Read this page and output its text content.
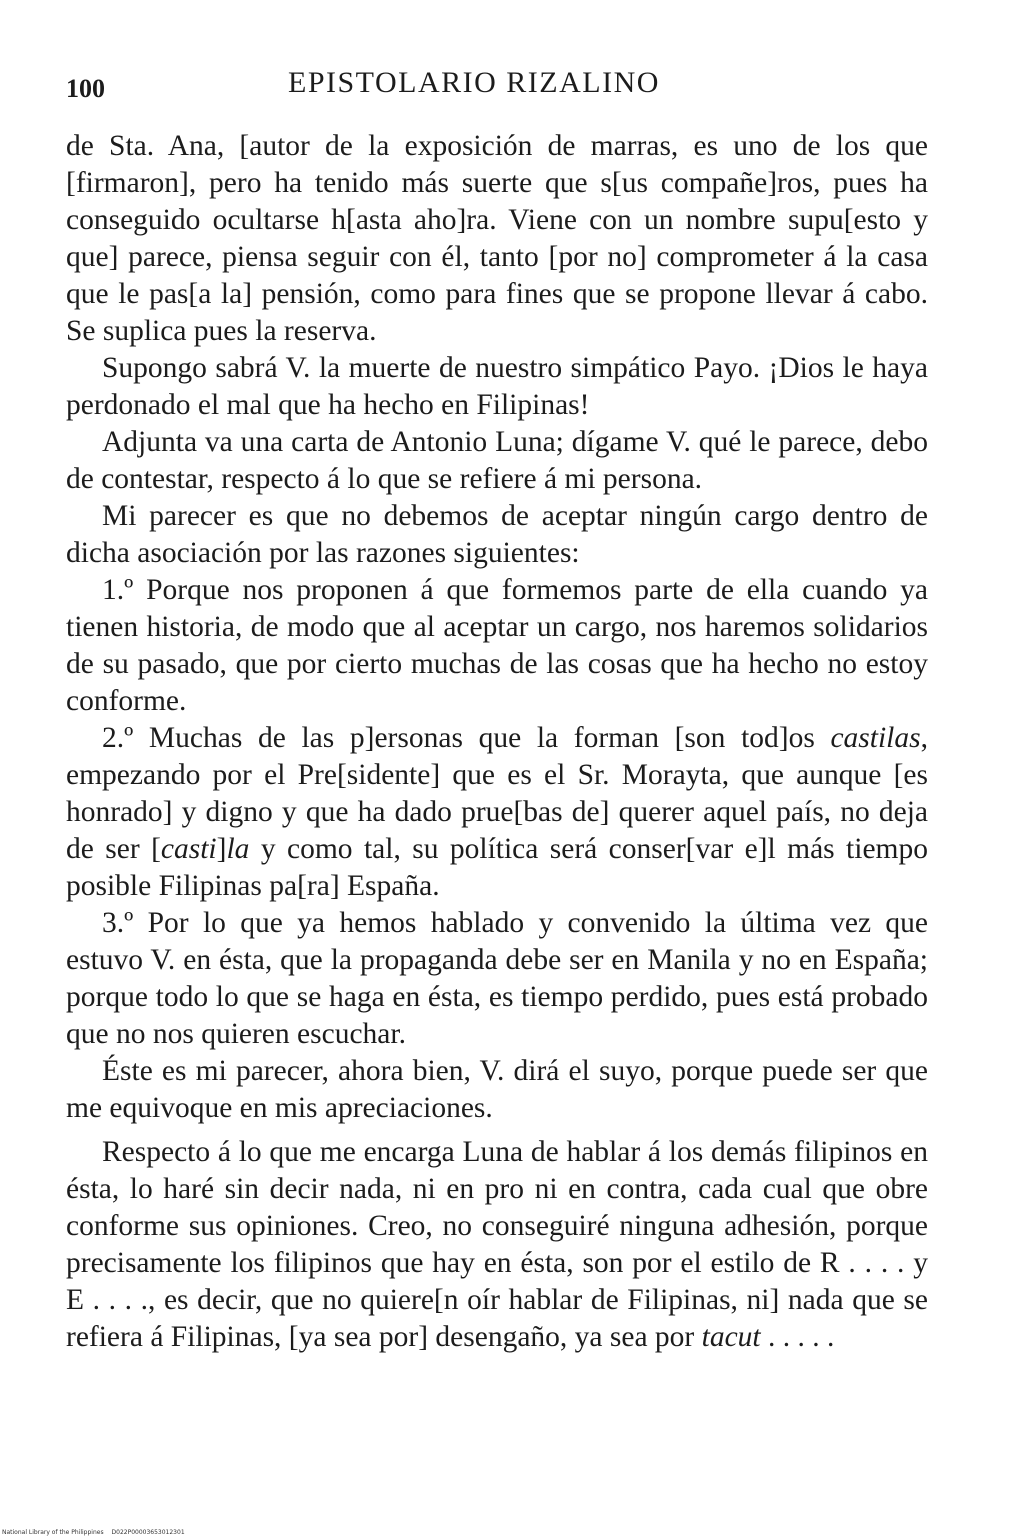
100	EPISTOLARIO RIZALINO

de Sta. Ana, [autor de la exposición de marras, es uno de los que [firmaron], pero ha tenido más suerte que s[us compañe]ros, pues ha conseguido ocultarse h[asta aho]ra. Viene con un nombre supu[esto y que] parece, piensa seguir con él, tanto [por no] comprometer á la casa que le pas[a la] pensión, como para fines que se propone llevar á cabo. Se suplica pues la reserva.

Supongo sabrá V. la muerte de nuestro simpático Payo. ¡Dios le haya perdonado el mal que ha hecho en Filipinas!

Adjunta va una carta de Antonio Luna; dígame V. qué le parece, debo de contestar, respecto á lo que se refiere á mi persona.

Mi parecer es que no debemos de aceptar ningún cargo dentro de dicha asociación por las razones siguientes:

1.º Porque nos proponen á que formemos parte de ella cuando ya tienen historia, de modo que al aceptar un cargo, nos haremos solidarios de su pasado, que por cierto muchas de las cosas que ha hecho no estoy conforme.

2.º Muchas de las p]ersonas que la forman [son tod]os castilas, empezando por el Pre[sidente] que es el Sr. Morayta, que aunque [es honrado] y digno y que ha dado prue[bas de] querer aquel país, no deja de ser [casti]la y como tal, su política será conser[var e]l más tiempo posible Filipinas pa[ra] España.

3.º Por lo que ya hemos hablado y convenido la última vez que estuvo V. en ésta, que la propaganda debe ser en Manila y no en España; porque todo lo que se haga en ésta, es tiempo perdido, pues está probado que no nos quieren escuchar.

Éste es mi parecer, ahora bien, V. dirá el suyo, porque puede ser que me equivoque en mis apreciaciones.

Respecto á lo que me encarga Luna de hablar á los demás filipinos en ésta, lo haré sin decir nada, ni en pro ni en contra, cada cual que obre conforme sus opiniones. Creo, no conseguiré ninguna adhesión, porque precisamente los filipinos que hay en ésta, son por el estilo de R . . . . y E . . . ., es decir, que no quiere[n oír hablar de Filipinas, ni] nada que se refiera á Filipinas, [ya sea por] desengaño, ya sea por tacut . . . . .

National Library of the Philippines D022P00003653012301
